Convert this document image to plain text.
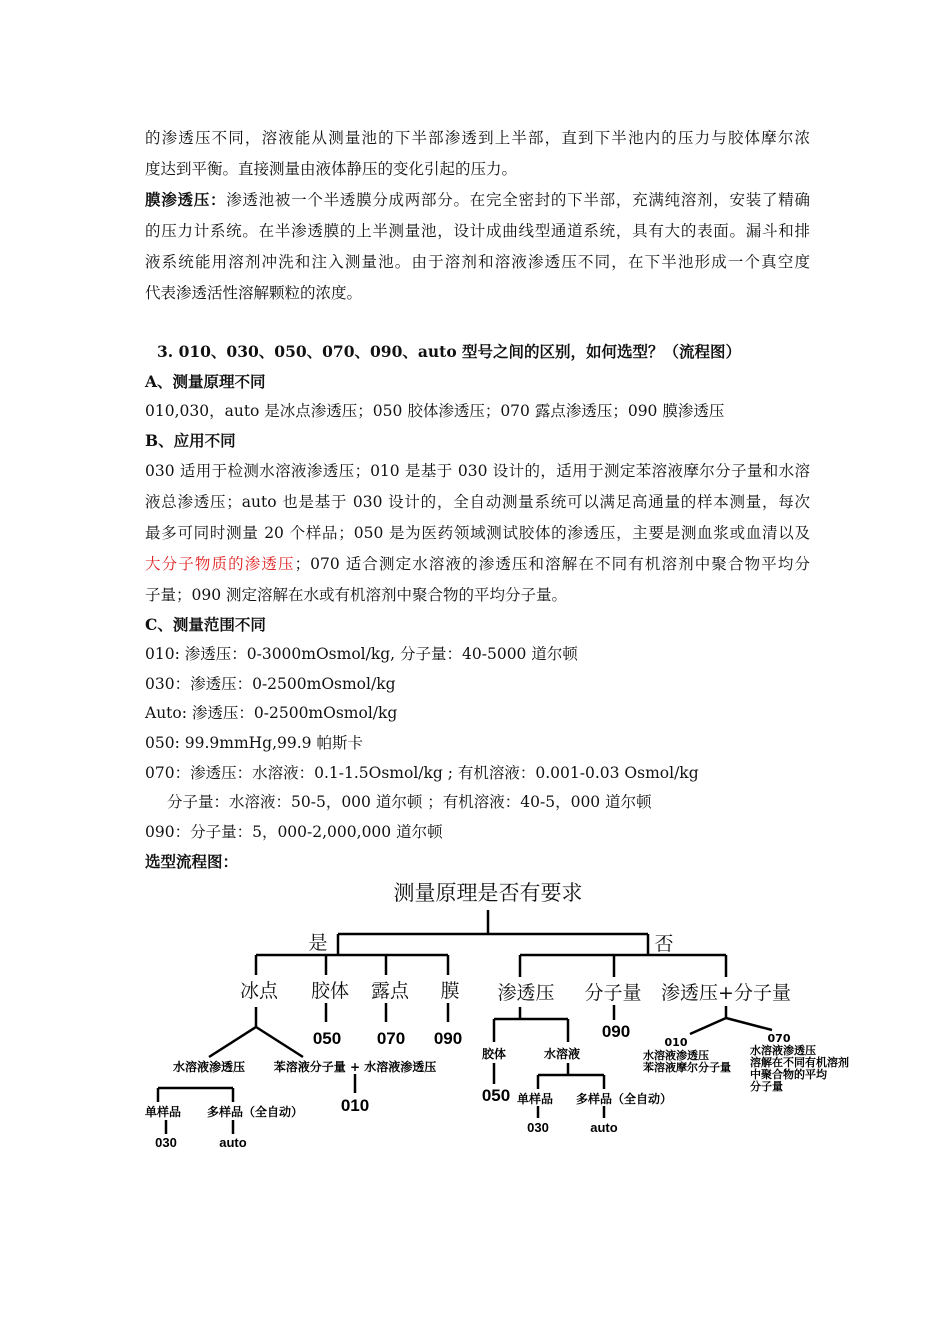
的渗透压不同，溶液能从测量池的下半部渗透到上半部，直到下半池内的压力与胶体摩尔浓
度达到平衡。直接测量由液体静压的变化引起的压力。
膜渗透压：渗透池被一个半透膜分成两部分。在完全密封的下半部，充满纯溶剂，安装了精确
的压力计系统。在半渗透膜的上半测量池，设计成曲线型通道系统，具有大的表面。漏斗和排
液系统能用溶剂冲洗和注入测量池。由于溶剂和溶液渗透压不同，在下半池形成一个真空度
代表渗透活性溶解颗粒的浓度。
3. 010、030、050、070、090、auto 型号之间的区别，如何选型？（流程图）
A、测量原理不同
010,030，auto 是冰点渗透压；050 胶体渗透压；070 露点渗透压；090 膜渗透压
B、应用不同
030 适用于检测水溶液渗透压；010 是基于 030 设计的，适用于测定苯溶液摩尔分子量和水溶
液总渗透压；auto 也是基于 030 设计的，全自动测量系统可以满足高通量的样本测量，每次
最多可同时测量 20 个样品；050 是为医药领域测试胶体的渗透压，主要是测血浆或血清以及
大分子物质的渗透压；070 适合测定水溶液的渗透压和溶解在不同有机溶剂中聚合物平均分
子量；090 测定溶解在水或有机溶剂中聚合物的平均分子量。
C、测量范围不同
010: 渗透压：0-3000mOsmol/kg, 分子量：40-5000 道尔顿
030：渗透压：0-2500mOsmol/kg
Auto: 渗透压：0-2500mOsmol/kg
050: 99.9mmHg,99.9 帕斯卡
070：渗透压：水溶液：0.1-1.5Osmol/kg ; 有机溶液：0.001-0.03 Osmol/kg
分子量：水溶液：50-5，000 道尔顿 ；有机溶液：40-5，000 道尔顿
090：分子量：5，000-2,000,000 道尔顿
选型流程图：
测量原理是否有要求
是	否
冰点 胶体 露点 膜
050 070 090
水溶液渗透压 苯溶液分子量 + 水溶液渗透压
010
单样品 多样品（全自动）
030	auto
渗透压 分子量 渗透压+分子量
090
胶体	水溶液
050 单样品 多样品（全自动）
030	auto
010
水溶液渗透压
苯溶液摩尔分子量
070
水溶液渗透压
溶解在不同有机溶剂
中聚合物的平均
分子量
